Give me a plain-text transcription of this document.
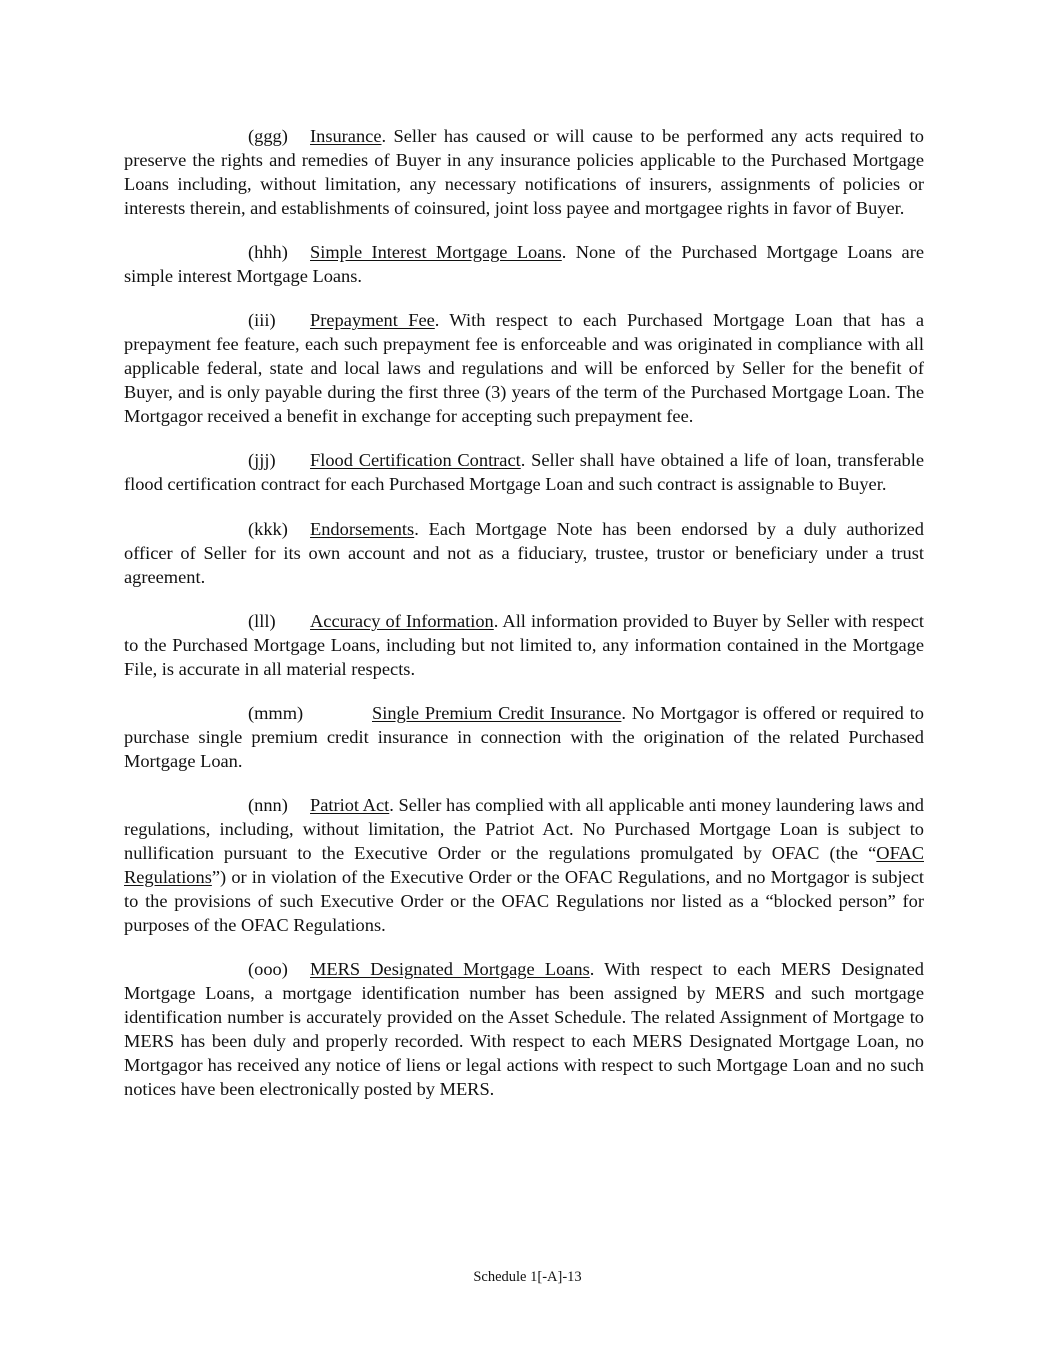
(ggg) Insurance. Seller has caused or will cause to be performed any acts required to preserve the rights and remedies of Buyer in any insurance policies applicable to the Purchased Mortgage Loans including, without limitation, any necessary notifications of insurers, assignments of policies or interests therein, and establishments of coinsured, joint loss payee and mortgagee rights in favor of Buyer.

(hhh) Simple Interest Mortgage Loans. None of the Purchased Mortgage Loans are simple interest Mortgage Loans.

(iii) Prepayment Fee. With respect to each Purchased Mortgage Loan that has a prepayment fee feature, each such prepayment fee is enforceable and was originated in compliance with all applicable federal, state and local laws and regulations and will be enforced by Seller for the benefit of Buyer, and is only payable during the first three (3) years of the term of the Purchased Mortgage Loan. The Mortgagor received a benefit in exchange for accepting such prepayment fee.

(jjj) Flood Certification Contract. Seller shall have obtained a life of loan, transferable flood certification contract for each Purchased Mortgage Loan and such contract is assignable to Buyer.

(kkk) Endorsements. Each Mortgage Note has been endorsed by a duly authorized officer of Seller for its own account and not as a fiduciary, trustee, trustor or beneficiary under a trust agreement.

(lll) Accuracy of Information. All information provided to Buyer by Seller with respect to the Purchased Mortgage Loans, including but not limited to, any information contained in the Mortgage File, is accurate in all material respects.

(mmm)	Single Premium Credit Insurance. No Mortgagor is offered or required to purchase single premium credit insurance in connection with the origination of the related Purchased Mortgage Loan.

(nnn) Patriot Act. Seller has complied with all applicable anti money laundering laws and regulations, including, without limitation, the Patriot Act. No Purchased Mortgage Loan is subject to nullification pursuant to the Executive Order or the regulations promulgated by OFAC (the “OFAC Regulations”) or in violation of the Executive Order or the OFAC Regulations, and no Mortgagor is subject to the provisions of such Executive Order or the OFAC Regulations nor listed as a “blocked person” for purposes of the OFAC Regulations.

(ooo) MERS Designated Mortgage Loans. With respect to each MERS Designated Mortgage Loans, a mortgage identification number has been assigned by MERS and such mortgage identification number is accurately provided on the Asset Schedule. The related Assignment of Mortgage to MERS has been duly and properly recorded. With respect to each MERS Designated Mortgage Loan, no Mortgagor has received any notice of liens or legal actions with respect to such Mortgage Loan and no such notices have been electronically posted by MERS.

Schedule 1[-A]-13
